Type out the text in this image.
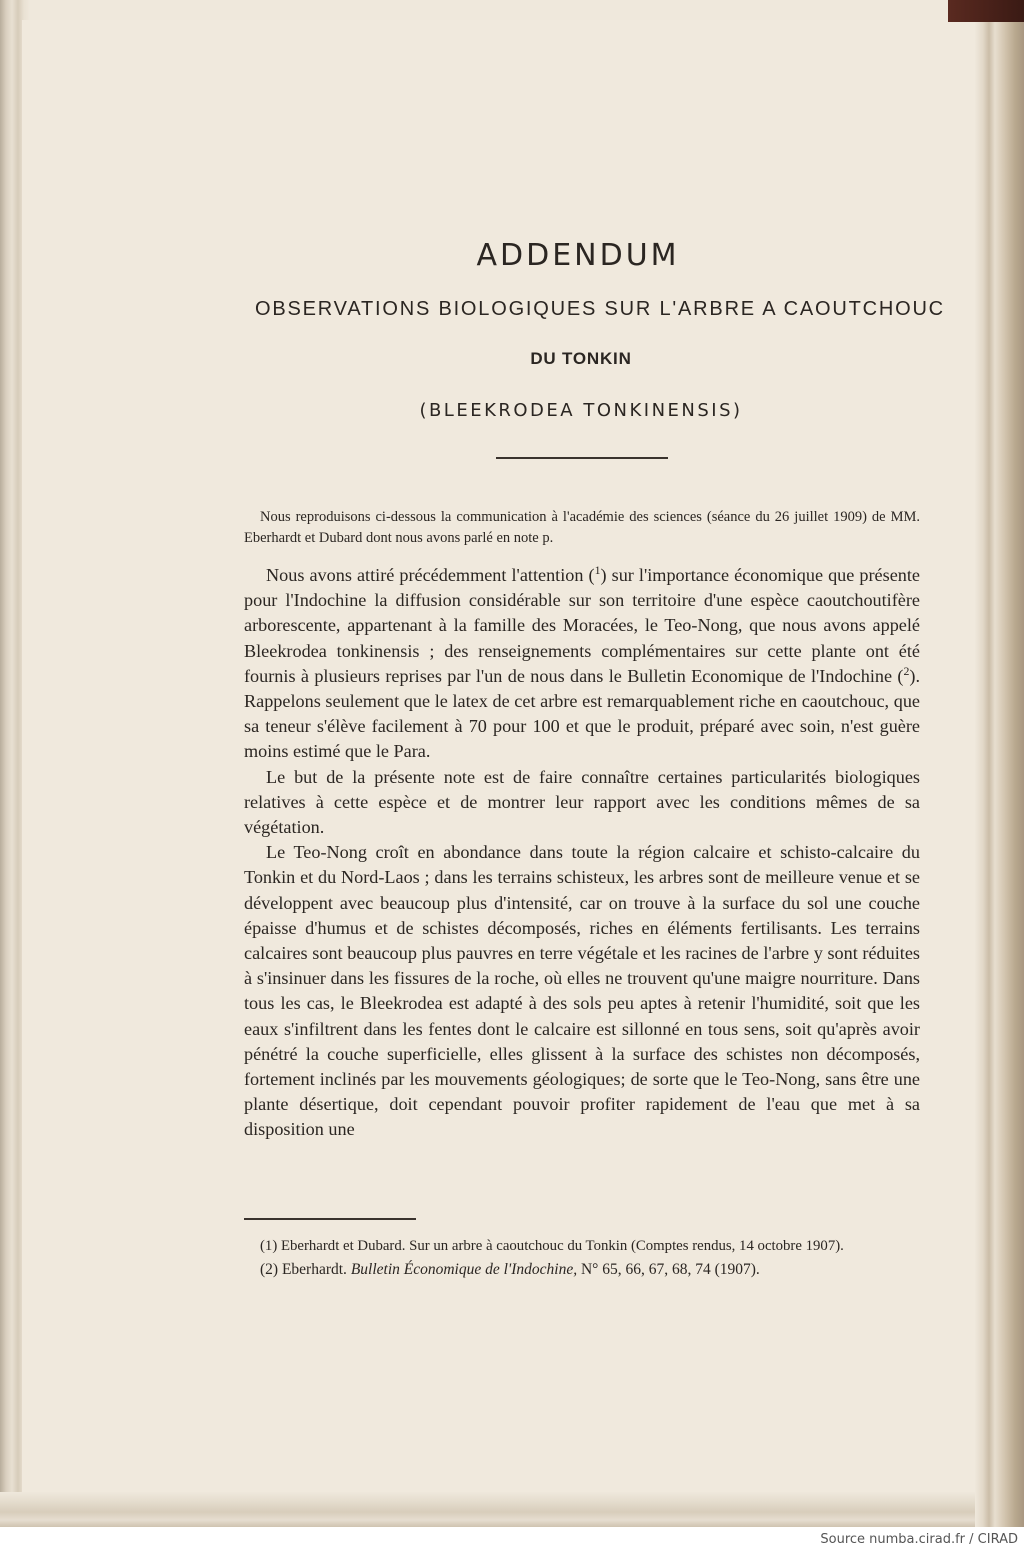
ADDENDUM
OBSERVATIONS BIOLOGIQUES SUR L'ARBRE A CAOUTCHOUC
DU TONKIN
(BLEEKRODEA TONKINENSIS)

Nous reproduisons ci-dessous la communication à l'académie des sciences (séance du 26 juillet 1909) de MM. Eberhardt et Dubard dont nous avons parlé en note p.

Nous avons attiré précédemment l'attention ($^1$) sur l'importance économique que présente pour l'Indochine la diffusion considérable sur son territoire d'une espèce caoutchoutifère arborescente, appartenant à la famille des Moracées, le Teo-Nong, que nous avons appelé Bleekrodea tonkinensis ; des renseignements complémentaires sur cette plante ont été fournis à plusieurs reprises par l'un de nous dans le Bulletin Economique de l'Indochine ($^2$). Rappelons seulement que le latex de cet arbre est remarquablement riche en caoutchouc, que sa teneur s'élève facilement à 70 pour 100 et que le produit, préparé avec soin, n'est guère moins estimé que le Para.

Le but de la présente note est de faire connaître certaines particularités biologiques relatives à cette espèce et de montrer leur rapport avec les conditions mêmes de sa végétation.

Le Teo-Nong croît en abondance dans toute la région calcaire et schisto-calcaire du Tonkin et du Nord-Laos ; dans les terrains schisteux, les arbres sont de meilleure venue et se développent avec beaucoup plus d'intensité, car on trouve à la surface du sol une couche épaisse d'humus et de schistes décomposés, riches en éléments fertilisants. Les terrains calcaires sont beaucoup plus pauvres en terre végétale et les racines de l'arbre y sont réduites à s'insinuer dans les fissures de la roche, où elles ne trouvent qu'une maigre nourriture. Dans tous les cas, le Bleekrodea est adapté à des sols peu aptes à retenir l'humidité, soit que les eaux s'infiltrent dans les fentes dont le calcaire est sillonné en tous sens, soit qu'après avoir pénétré la couche superficielle, elles glissent à la surface des schistes non décomposés, fortement inclinés par les mouvements géologiques; de sorte que le Teo-Nong, sans être une plante désertique, doit cependant pouvoir profiter rapidement de l'eau que met à sa disposition une

(1) Eberhardt et Dubard. Sur un arbre à caoutchouc du Tonkin (Comptes rendus, 14 octobre 1907).

(2) Eberhardt. Bulletin Économique de l'Indochine, N° 65, 66, 67, 68, 74 (1907).

Source numba.cirad.fr / CIRAD
